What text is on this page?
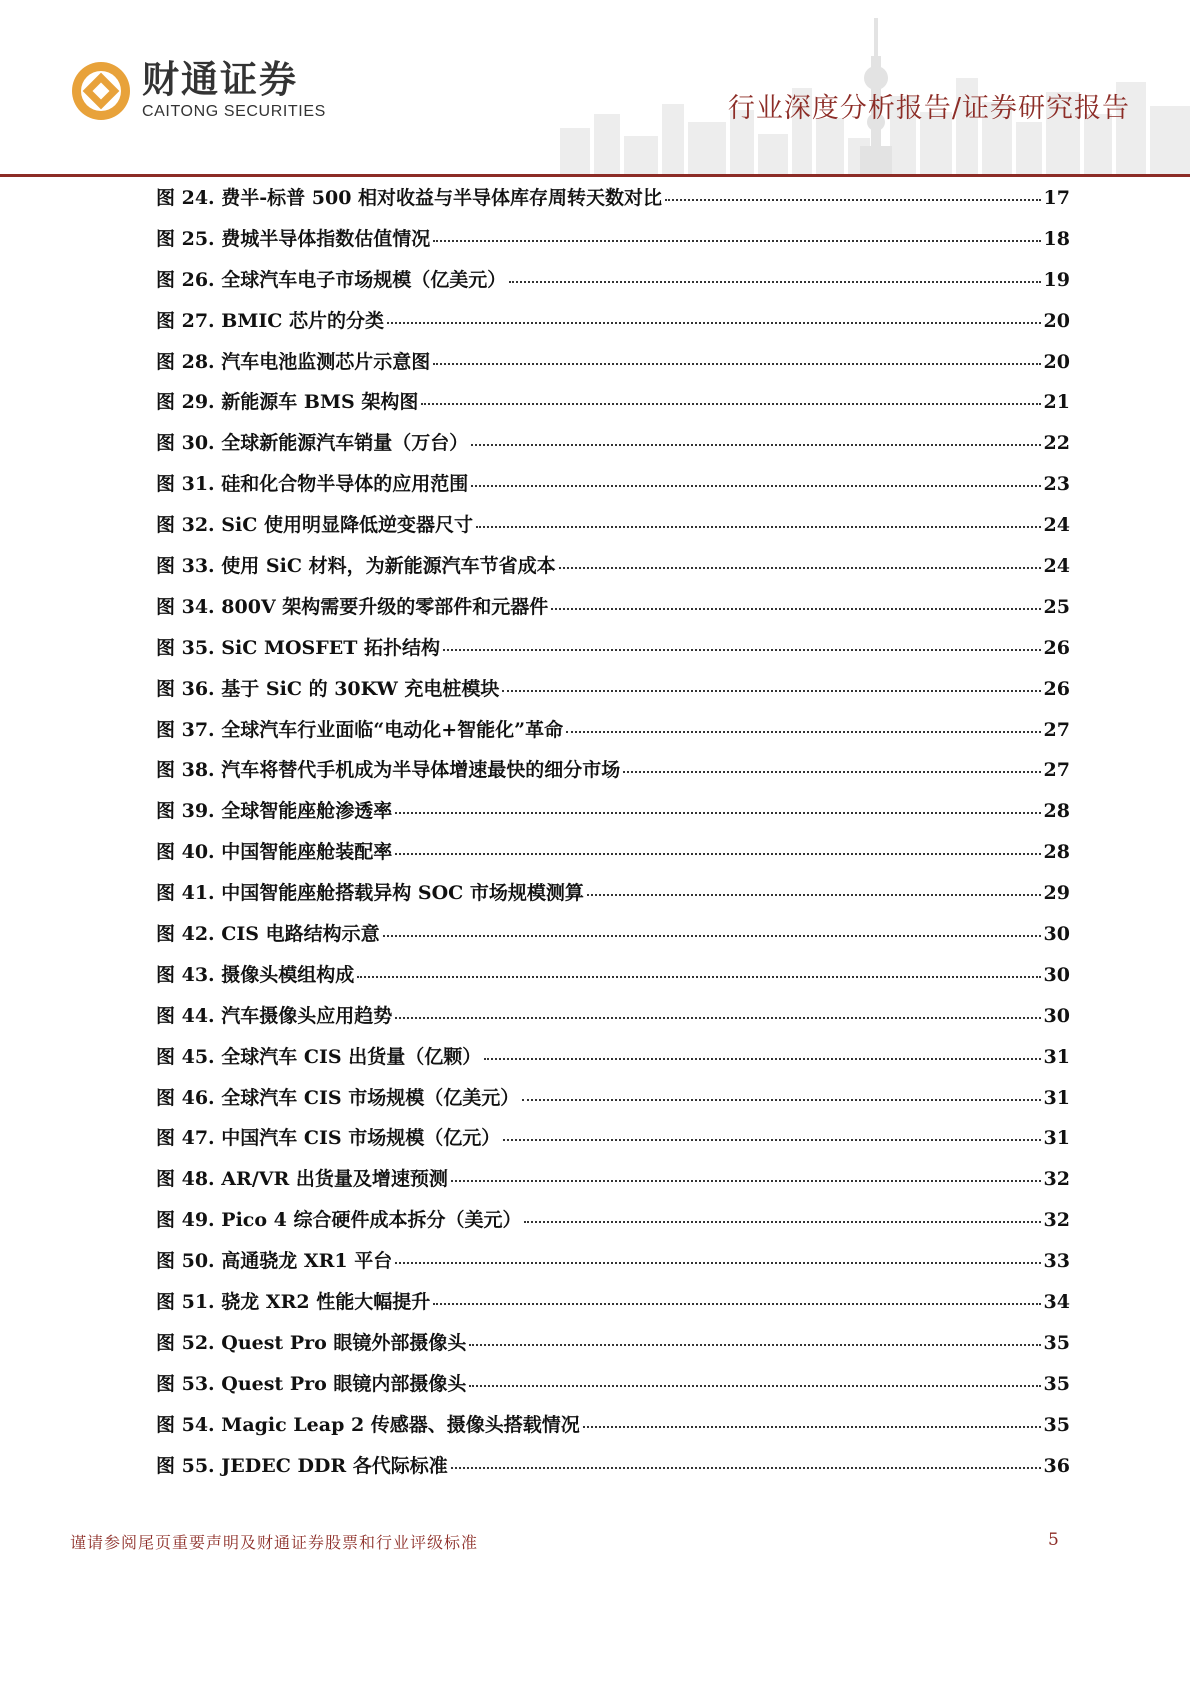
财通证券
CAITONG SECURITIES	行业深度分析报告/证券研究报告
图 24. 费半-标普 500 相对收益与半导体库存周转天数对比	17
图 25. 费城半导体指数估值情况	18
图 26. 全球汽车电子市场规模（亿美元）	19
图 27. BMIC 芯片的分类	20
图 28. 汽车电池监测芯片示意图	20
图 29. 新能源车 BMS 架构图	21
图 30. 全球新能源汽车销量（万台）	22
图 31. 硅和化合物半导体的应用范围	23
图 32. SiC 使用明显降低逆变器尺寸	24
图 33. 使用 SiC 材料，为新能源汽车节省成本	24
图 34. 800V 架构需要升级的零部件和元器件	25
图 35. SiC MOSFET 拓扑结构	26
图 36. 基于 SiC 的 30KW 充电桩模块	26
图 37. 全球汽车行业面临“电动化+智能化”革命	27
图 38. 汽车将替代手机成为半导体增速最快的细分市场	27
图 39. 全球智能座舱渗透率	28
图 40. 中国智能座舱装配率	28
图 41. 中国智能座舱搭载异构 SOC 市场规模测算	29
图 42. CIS 电路结构示意	30
图 43. 摄像头模组构成	30
图 44. 汽车摄像头应用趋势	30
图 45. 全球汽车 CIS 出货量（亿颗）	31
图 46. 全球汽车 CIS 市场规模（亿美元）	31
图 47. 中国汽车 CIS 市场规模（亿元）	31
图 48. AR/VR 出货量及增速预测	32
图 49. Pico 4 综合硬件成本拆分（美元）	32
图 50. 高通骁龙 XR1 平台	33
图 51. 骁龙 XR2 性能大幅提升	34
图 52. Quest Pro 眼镜外部摄像头	35
图 53. Quest Pro 眼镜内部摄像头	35
图 54. Magic Leap 2 传感器、摄像头搭载情况	35
图 55. JEDEC DDR 各代际标准	36
谨请参阅尾页重要声明及财通证券股票和行业评级标准	5
